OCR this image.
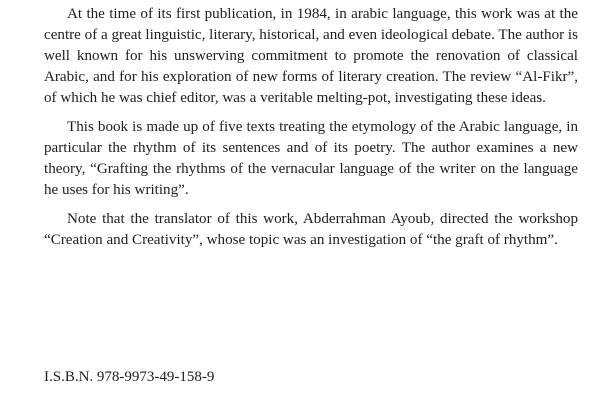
At the time of its first publication, in 1984, in arabic language, this work was at the centre of a great linguistic, literary, historical, and even ideological debate. The author is well known for his unswerving commitment to promote the renovation of classical Arabic, and for his exploration of new forms of literary creation. The review “Al-Fikr”, of which he was chief editor, was a veritable melting-pot, investigating these ideas.

This book is made up of five texts treating the etymology of the Arabic language, in particular the rhythm of its sentences and of its poetry. The author examines a new theory, “Grafting the rhythms of the vernacular language of the writer on the language he uses for his writing”.

Note that the translator of this work, Abderrahman Ayoub, directed the workshop “Creation and Creativity”, whose topic was an investigation of “the graft of rhythm”.

I.S.B.N. 978-9973-49-158-9
